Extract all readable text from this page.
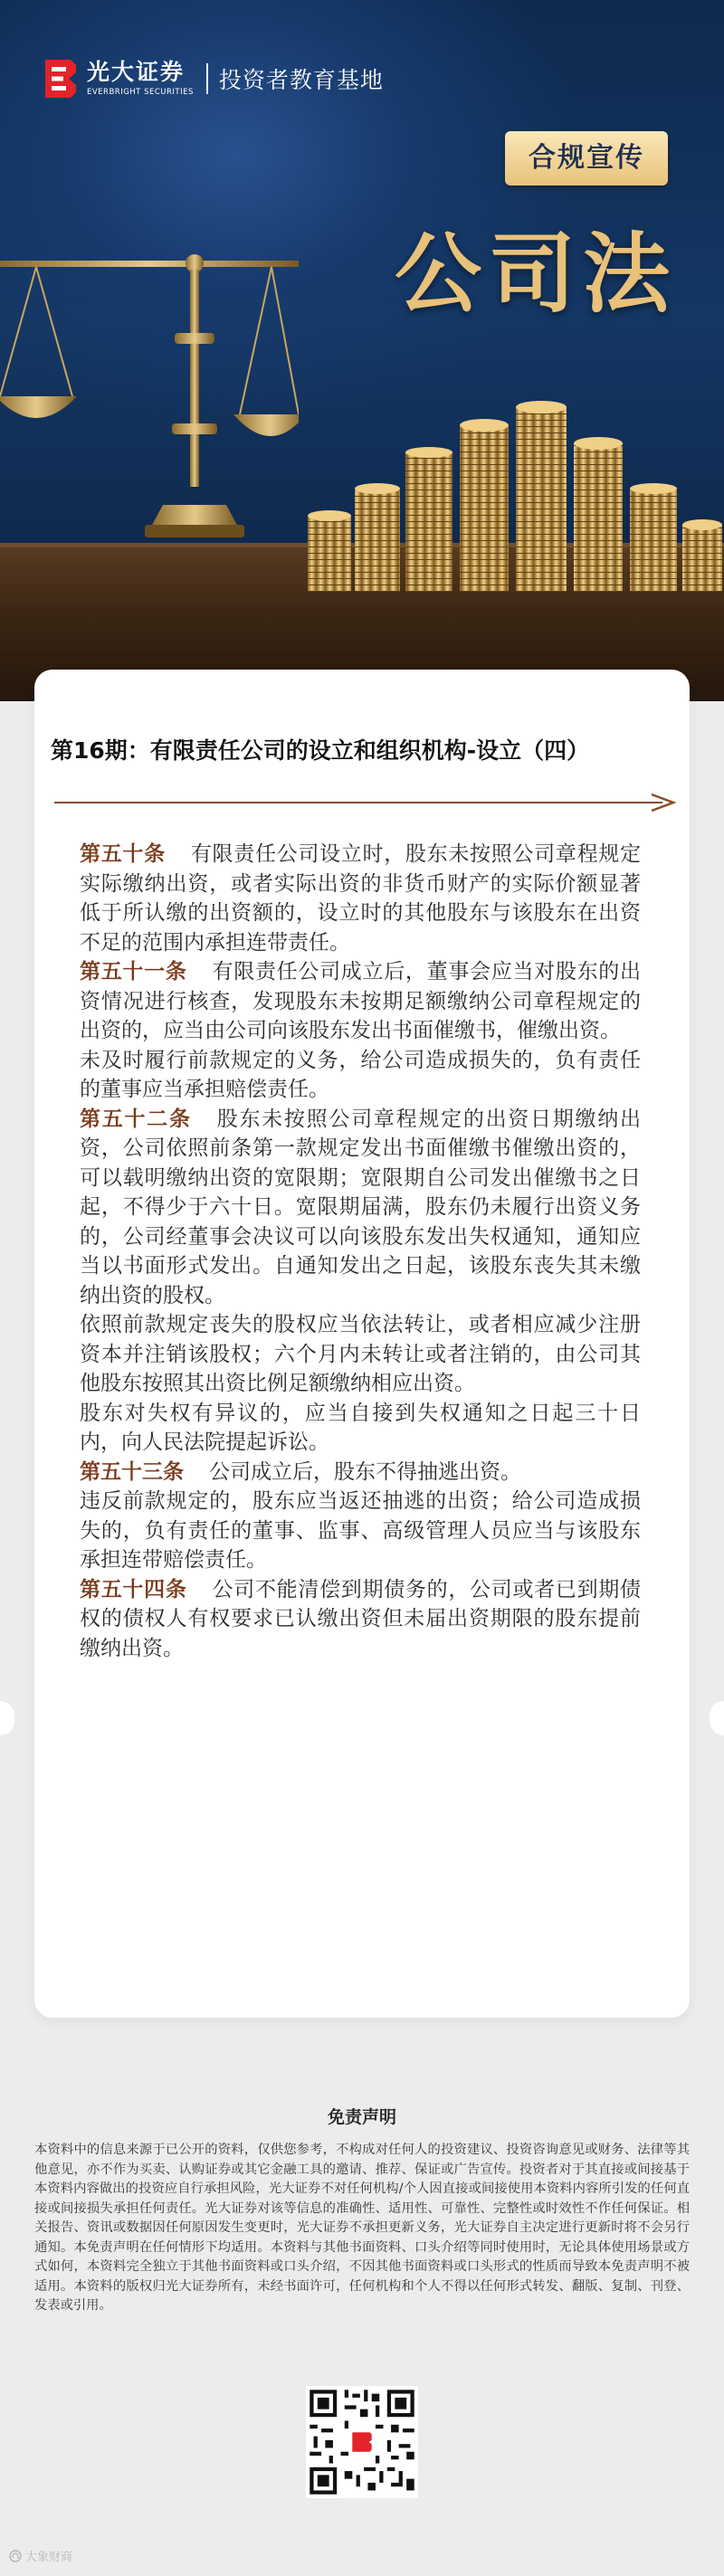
光大证券
EVERBRIGHT SECURITIES 投资者教育基地
合规宣传
公司法
第16期：有限责任公司的设立和组织机构-设立（四）

第五十条 有限责任公司设立时，股东未按照公司章程规定实际缴纳出资，或者实际出资的非货币财产的实际价额显著低于所认缴的出资额的，设立时的其他股东与该股东在出资不足的范围内承担连带责任。

第五十一条 有限责任公司成立后，董事会应当对股东的出资情况进行核查，发现股东未按期足额缴纳公司章程规定的出资的，应当由公司向该股东发出书面催缴书，催缴出资。

未及时履行前款规定的义务，给公司造成损失的，负有责任的董事应当承担赔偿责任。

第五十二条 股东未按照公司章程规定的出资日期缴纳出资，公司依照前条第一款规定发出书面催缴书催缴出资的，可以载明缴纳出资的宽限期；宽限期自公司发出催缴书之日起，不得少于六十日。宽限期届满，股东仍未履行出资义务的，公司经董事会决议可以向该股东发出失权通知，通知应当以书面形式发出。自通知发出之日起，该股东丧失其未缴纳出资的股权。

依照前款规定丧失的股权应当依法转让，或者相应减少注册资本并注销该股权；六个月内未转让或者注销的，由公司其他股东按照其出资比例足额缴纳相应出资。

股东对失权有异议的，应当自接到失权通知之日起三十日内，向人民法院提起诉讼。

第五十三条 公司成立后，股东不得抽逃出资。

违反前款规定的，股东应当返还抽逃的出资；给公司造成损失的，负有责任的董事、监事、高级管理人员应当与该股东承担连带赔偿责任。

第五十四条 公司不能清偿到期债务的，公司或者已到期债权的债权人有权要求已认缴出资但未届出资期限的股东提前缴纳出资。

免责声明
本资料中的信息来源于已公开的资料，仅供您参考，不构成对任何人的投资建议、投资咨询意见或财务、法律等其他意见，亦不作为买卖、认购证券或其它金融工具的邀请、推荐、保证或广告宣传。投资者对于其直接或间接基于本资料内容做出的投资应自行承担风险，光大证券不对任何机构/个人因直接或间接使用本资料内容所引发的任何直接或间接损失承担任何责任。光大证券对该等信息的准确性、适用性、可靠性、完整性或时效性不作任何保证。相关报告、资讯或数据因任何原因发生变更时，光大证券不承担更新义务，光大证券自主决定进行更新时将不会另行通知。本免责声明在任何情形下均适用。本资料与其他书面资料、口头介绍等同时使用时，无论具体使用场景或方式如何，本资料完全独立于其他书面资料或口头介绍，不因其他书面资料或口头形式的性质而导致本免责声明不被适用。本资料的版权归光大证券所有，未经书面许可，任何机构和个人不得以任何形式转发、翻版、复制、刊登、发表或引用。
大象财商
